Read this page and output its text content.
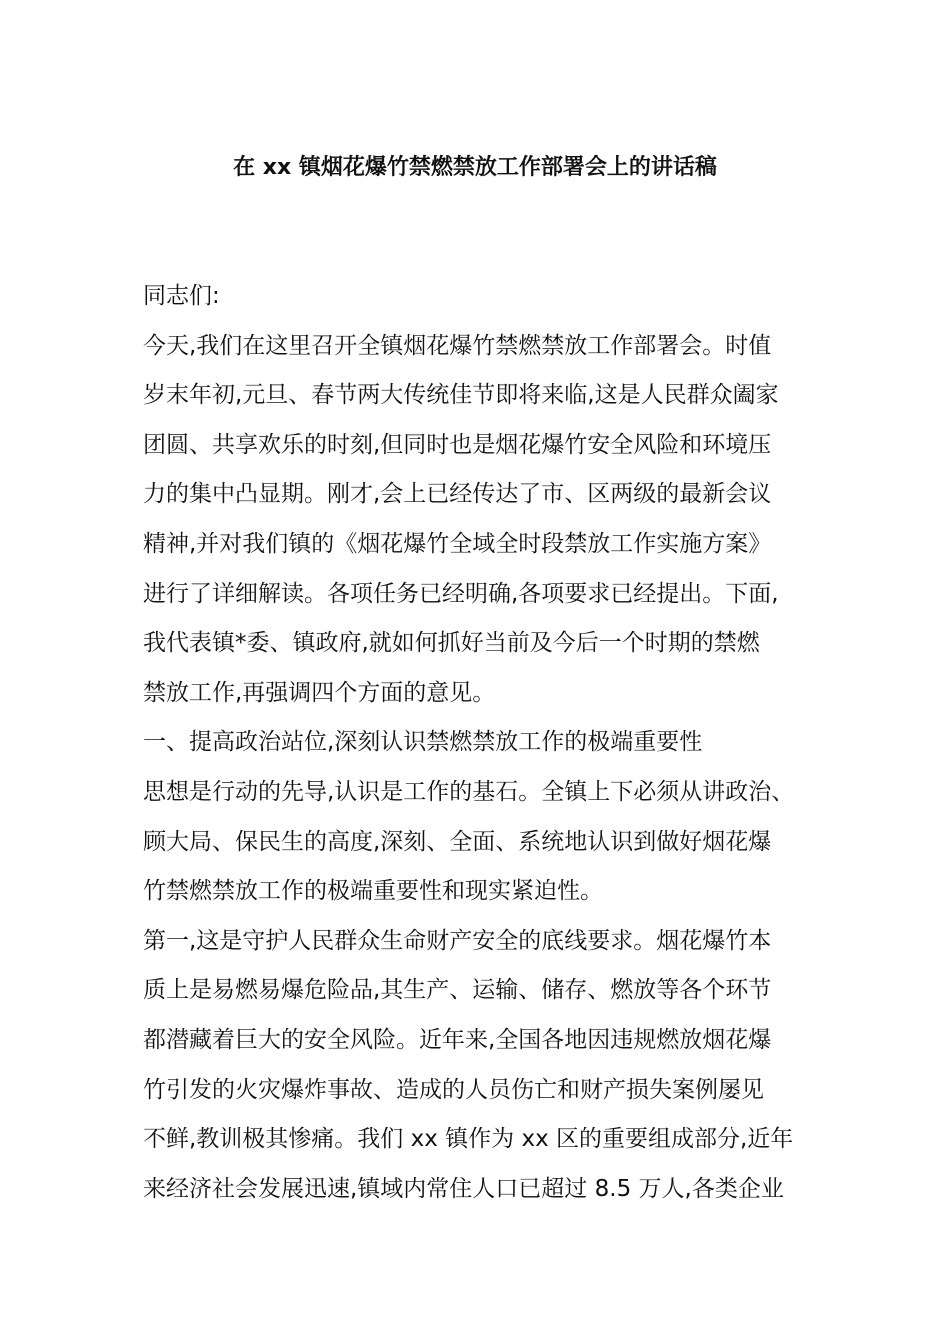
在 xx 镇烟花爆竹禁燃禁放工作部署会上的讲话稿
同志们:
今天,我们在这里召开全镇烟花爆竹禁燃禁放工作部署会。时值
岁末年初,元旦、春节两大传统佳节即将来临,这是人民群众阖家
团圆、共享欢乐的时刻,但同时也是烟花爆竹安全风险和环境压
力的集中凸显期。刚才,会上已经传达了市、区两级的最新会议
精神,并对我们镇的《烟花爆竹全域全时段禁放工作实施方案》
进行了详细解读。各项任务已经明确,各项要求已经提出。下面,
我代表镇*委、镇政府,就如何抓好当前及今后一个时期的禁燃
禁放工作,再强调四个方面的意见。
一、提高政治站位,深刻认识禁燃禁放工作的极端重要性
思想是行动的先导,认识是工作的基石。全镇上下必须从讲政治、
顾大局、保民生的高度,深刻、全面、系统地认识到做好烟花爆
竹禁燃禁放工作的极端重要性和现实紧迫性。
第一,这是守护人民群众生命财产安全的底线要求。烟花爆竹本
质上是易燃易爆危险品,其生产、运输、储存、燃放等各个环节
都潜藏着巨大的安全风险。近年来,全国各地因违规燃放烟花爆
竹引发的火灾爆炸事故、造成的人员伤亡和财产损失案例屡见
不鲜,教训极其惨痛。我们 xx 镇作为 xx 区的重要组成部分,近年
来经济社会发展迅速,镇域内常住人口已超过 8.5 万人,各类企业
